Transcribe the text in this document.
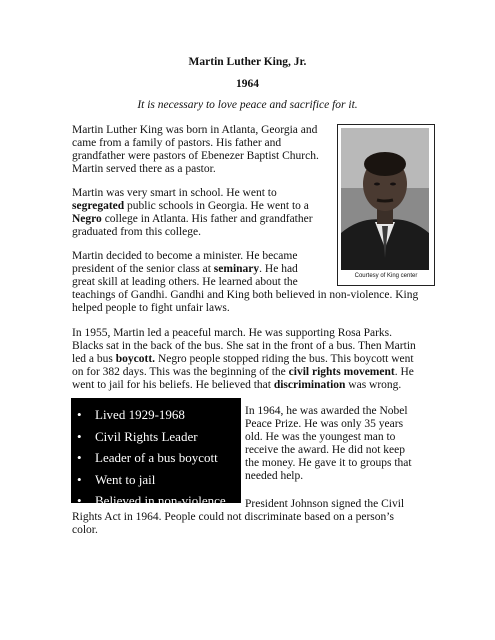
Martin Luther King, Jr.
1964
It is necessary to love peace and sacrifice for it.
Courtesy of King center
Martin Luther King was born in Atlanta, Georgia and
came from a family of pastors. His father and
grandfather were pastors of Ebenezer Baptist Church.
Martin served there as a pastor.
Martin was very smart in school. He went to
segregated public schools in Georgia. He went to a
Negro college in Atlanta. His father and grandfather
graduated from this college.
Martin decided to become a minister. He became
president of the senior class at seminary. He had
great skill at leading others. He learned about the
teachings of Gandhi. Gandhi and King both believed in non-violence. King
helped people to fight unfair laws.
In 1955, Martin led a peaceful march. He was supporting Rosa Parks.
Blacks sat in the back of the bus. She sat in the front of a bus. Then Martin
led a bus boycott. Negro people stopped riding the bus. This boycott went
on for 382 days. This was the beginning of the civil rights movement. He
went to jail for his beliefs. He believed that discrimination was wrong.
•	Lived 1929-1968
•	Civil Rights Leader
•	Leader of a bus boycott
•	Went to jail
•	Believed in non-violence
In 1964, he was awarded the Nobel
Peace Prize. He was only 35 years
old. He was the youngest man to
receive the award. He did not keep
the money. He gave it to groups that
needed help.
President Johnson signed the Civil
Rights Act in 1964. People could not discriminate based on a person’s
color.
